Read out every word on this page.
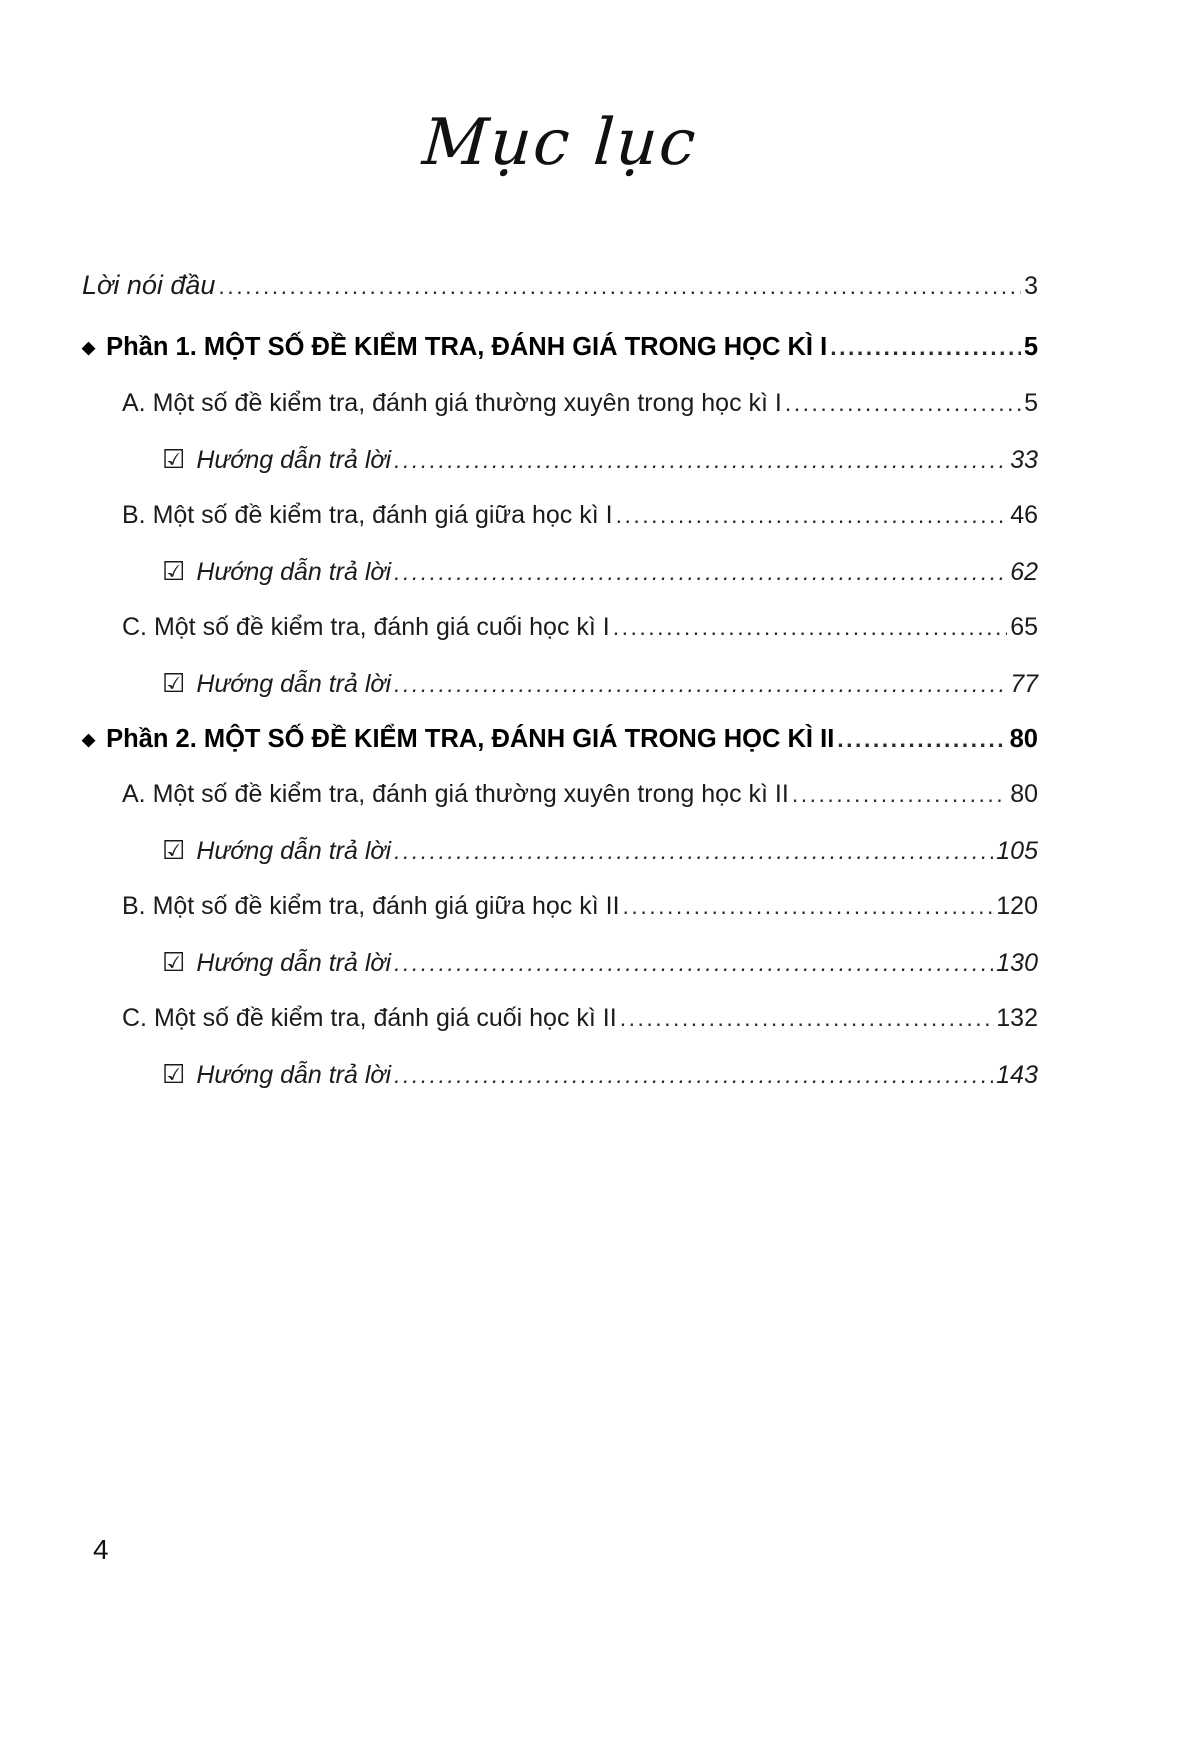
Mục lục
Lời nói đầu .....	3
◆ Phần 1. MỘT SỐ ĐỀ KIỂM TRA, ĐÁNH GIÁ TRONG HỌC KÌ I .....	5
A. Một số đề kiểm tra, đánh giá thường xuyên trong học kì I .....	5
☑ Hướng dẫn trả lời .....	33
B. Một số đề kiểm tra, đánh giá giữa học kì I .....	46
☑ Hướng dẫn trả lời .....	62
C. Một số đề kiểm tra, đánh giá cuối học kì I .....	65
☑ Hướng dẫn trả lời .....	77
◆ Phần 2. MỘT SỐ ĐỀ KIỂM TRA, ĐÁNH GIÁ TRONG HỌC KÌ II .....	80
A. Một số đề kiểm tra, đánh giá thường xuyên trong học kì II .....	80
☑ Hướng dẫn trả lời .....	105
B. Một số đề kiểm tra, đánh giá giữa học kì II .....	120
☑ Hướng dẫn trả lời .....	130
C. Một số đề kiểm tra, đánh giá cuối học kì II .....	132
☑ Hướng dẫn trả lời .....	143
4
